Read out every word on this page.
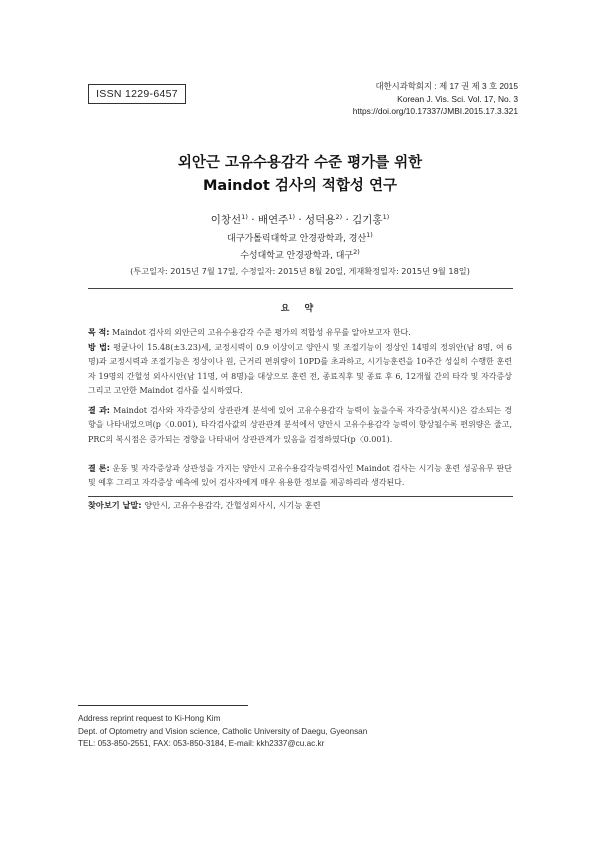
ISSN 1229-6457
대한시과학회지 : 제 17 권 제 3 호 2015
Korean J. Vis. Sci. Vol. 17, No. 3
https://doi.org/10.17337/JMBI.2015.17.3.321
외안근 고유수용감각 수준 평가를 위한
Maindot 검사의 적합성 연구
이창선$^{1)}$ · 배연주$^{1)}$ · 성덕용$^{2)}$ · 김기홍$^{1)}$
대구가톨릭대학교 안경광학과, 경산$^{1)}$
수성대학교 안경광학과, 대구$^{2)}$
(투고일자: 2015년 7월 17일, 수정일자: 2015년 8월 20일, 게재확정일자: 2015년 9월 18일)
요 약
목 적: Maindot 검사의 외안근의 고유수용감각 수준 평가의 적합성 유무를 알아보고자 한다.
방 법: 평균나이 15.48(±3.23)세, 교정시력이 0.9 이상이고 양안시 및 조절기능이 정상인 14명의 정위안(남 8명, 여 6명)과 교정시력과 조절기능은 정상이나 원, 근거리 편위량이 10PD를 초과하고, 시기능훈련을 10주간 성실히 수행한 훈련자 19명의 간헐성 외사시안(남 11명, 여 8명)을 대상으로 훈련 전, 종료직후 및 종료 후 6, 12개월 간의 타각 및 자각증상 그리고 고안한 Maindot 검사를 실시하였다.
결 과: Maindot 검사와 자각증상의 상관관계 분석에 있어 고유수용감각 능력이 높을수록 자각증상(복시)은 감소되는 경향을 나타내었으며(p〈0.001), 타각검사값의 상관관계 분석에서 양안시 고유수용감각 능력이 향상될수록 편위량은 줄고, PRC의 복시점은 증가되는 경향을 나타내어 상관관계가 있음을 검정하였다(p〈0.001).
결 론: 운동 및 자각증상과 상관성을 가지는 양안시 고유수용감각능력검사인 Maindot 검사는 시기능 훈련 성공유무 판단 및 예후 그리고 자각증상 예측에 있어 검사자에게 매우 유용한 정보를 제공하리라 생각된다.
찾아보기 낱말: 양안시, 고유수용감각, 간헐성외사시, 시기능 훈련
Address reprint request to Ki-Hong Kim
Dept. of Optometry and Vision science, Catholic University of Daegu, Gyeonsan
TEL: 053-850-2551, FAX: 053-850-3184, E-mail: kkh2337@cu.ac.kr
